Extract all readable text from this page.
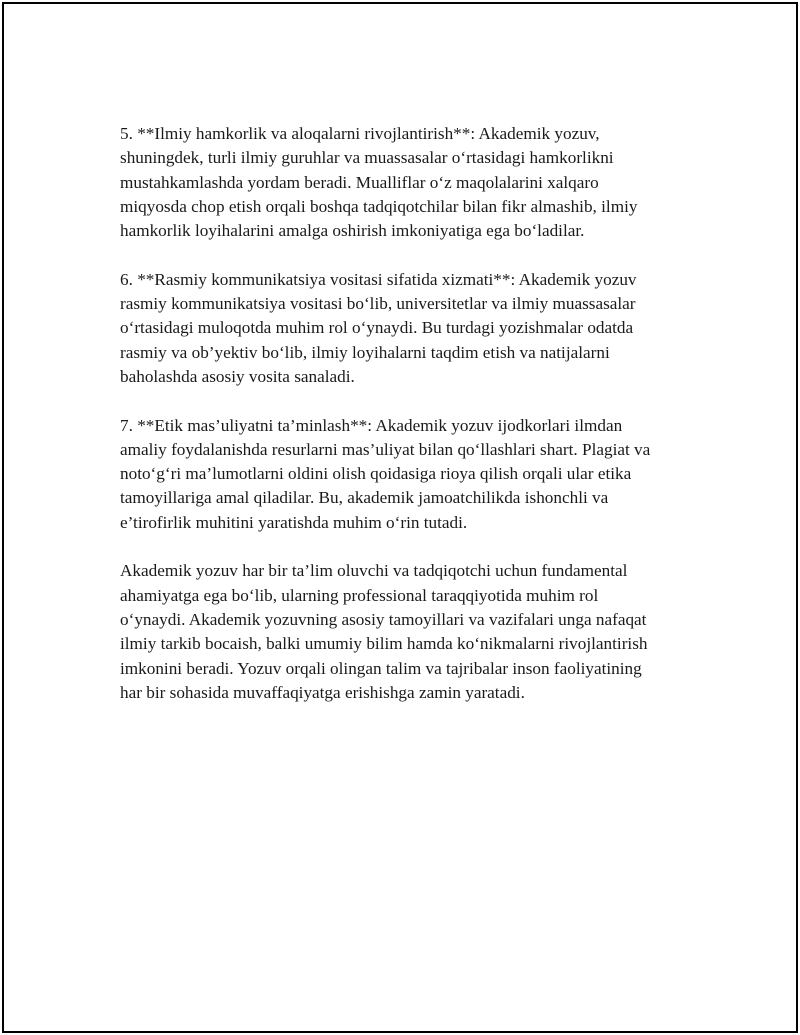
5. **Ilmiy hamkorlik va aloqalarni rivojlantirish**: Akademik yozuv,
shuningdek, turli ilmiy guruhlar va muassasalar o‘rtasidagi hamkorlikni
mustahkamlashda yordam beradi. Mualliflar o‘z maqolalarini xalqaro
miqyosda chop etish orqali boshqa tadqiqotchilar bilan fikr almashib, ilmiy
hamkorlik loyihalarini amalga oshirish imkoniyatiga ega bo‘ladilar.

6. **Rasmiy kommunikatsiya vositasi sifatida xizmati**: Akademik yozuv
rasmiy kommunikatsiya vositasi bo‘lib, universitetlar va ilmiy muassasalar
o‘rtasidagi muloqotda muhim rol o‘ynaydi. Bu turdagi yozishmalar odatda
rasmiy va ob’yektiv bo‘lib, ilmiy loyihalarni taqdim etish va natijalarni
baholashda asosiy vosita sanaladi.

7. **Etik mas’uliyatni ta’minlash**: Akademik yozuv ijodkorlari ilmdan
amaliy foydalanishda resurlarni mas’uliyat bilan qo‘llashlari shart. Plagiat va
noto‘g‘ri ma’lumotlarni oldini olish qoidasiga rioya qilish orqali ular etika
tamoyillariga amal qiladilar. Bu, akademik jamoatchilikda ishonchli va
e’tirofirlik muhitini yaratishda muhim o‘rin tutadi.

Akademik yozuv har bir ta’lim oluvchi va tadqiqotchi uchun fundamental
ahamiyatga ega bo‘lib, ularning professional taraqqiyotida muhim rol
o‘ynaydi. Akademik yozuvning asosiy tamoyillari va vazifalari unga nafaqat
ilmiy tarkib bocaish, balki umumiy bilim hamda ko‘nikmalarni rivojlantirish
imkonini beradi. Yozuv orqali olingan talim va tajribalar inson faoliyatining
har bir sohasida muvaffaqiyatga erishishga zamin yaratadi.
